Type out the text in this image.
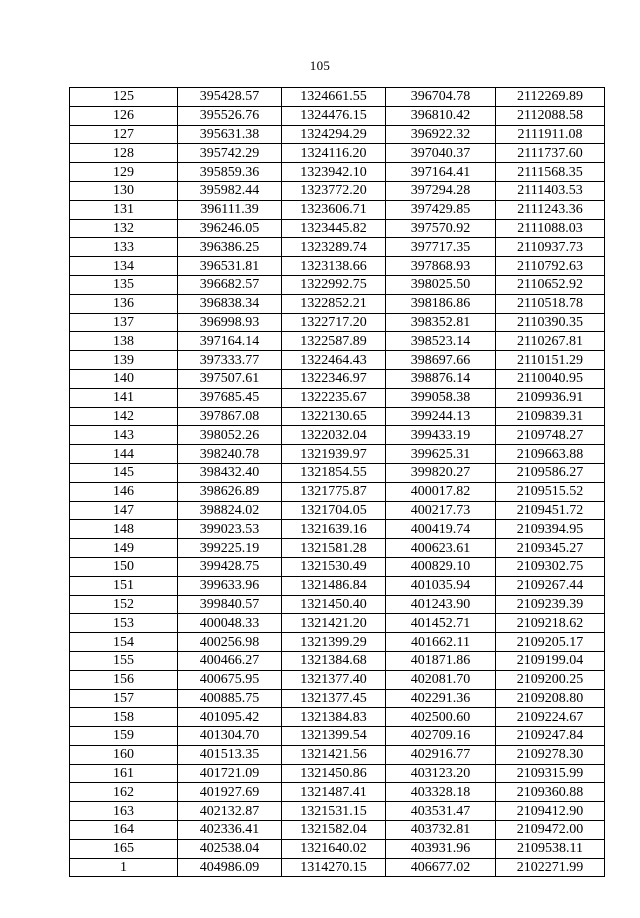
105
125	395428.57	1324661.55	396704.78	2112269.89
126	395526.76	1324476.15	396810.42	2112088.58
127	395631.38	1324294.29	396922.32	2111911.08
128	395742.29	1324116.20	397040.37	2111737.60
129	395859.36	1323942.10	397164.41	2111568.35
130	395982.44	1323772.20	397294.28	2111403.53
131	396111.39	1323606.71	397429.85	2111243.36
132	396246.05	1323445.82	397570.92	2111088.03
133	396386.25	1323289.74	397717.35	2110937.73
134	396531.81	1323138.66	397868.93	2110792.63
135	396682.57	1322992.75	398025.50	2110652.92
136	396838.34	1322852.21	398186.86	2110518.78
137	396998.93	1322717.20	398352.81	2110390.35
138	397164.14	1322587.89	398523.14	2110267.81
139	397333.77	1322464.43	398697.66	2110151.29
140	397507.61	1322346.97	398876.14	2110040.95
141	397685.45	1322235.67	399058.38	2109936.91
142	397867.08	1322130.65	399244.13	2109839.31
143	398052.26	1322032.04	399433.19	2109748.27
144	398240.78	1321939.97	399625.31	2109663.88
145	398432.40	1321854.55	399820.27	2109586.27
146	398626.89	1321775.87	400017.82	2109515.52
147	398824.02	1321704.05	400217.73	2109451.72
148	399023.53	1321639.16	400419.74	2109394.95
149	399225.19	1321581.28	400623.61	2109345.27
150	399428.75	1321530.49	400829.10	2109302.75
151	399633.96	1321486.84	401035.94	2109267.44
152	399840.57	1321450.40	401243.90	2109239.39
153	400048.33	1321421.20	401452.71	2109218.62
154	400256.98	1321399.29	401662.11	2109205.17
155	400466.27	1321384.68	401871.86	2109199.04
156	400675.95	1321377.40	402081.70	2109200.25
157	400885.75	1321377.45	402291.36	2109208.80
158	401095.42	1321384.83	402500.60	2109224.67
159	401304.70	1321399.54	402709.16	2109247.84
160	401513.35	1321421.56	402916.77	2109278.30
161	401721.09	1321450.86	403123.20	2109315.99
162	401927.69	1321487.41	403328.18	2109360.88
163	402132.87	1321531.15	403531.47	2109412.90
164	402336.41	1321582.04	403732.81	2109472.00
165	402538.04	1321640.02	403931.96	2109538.11
1	404986.09	1314270.15	406677.02	2102271.99
